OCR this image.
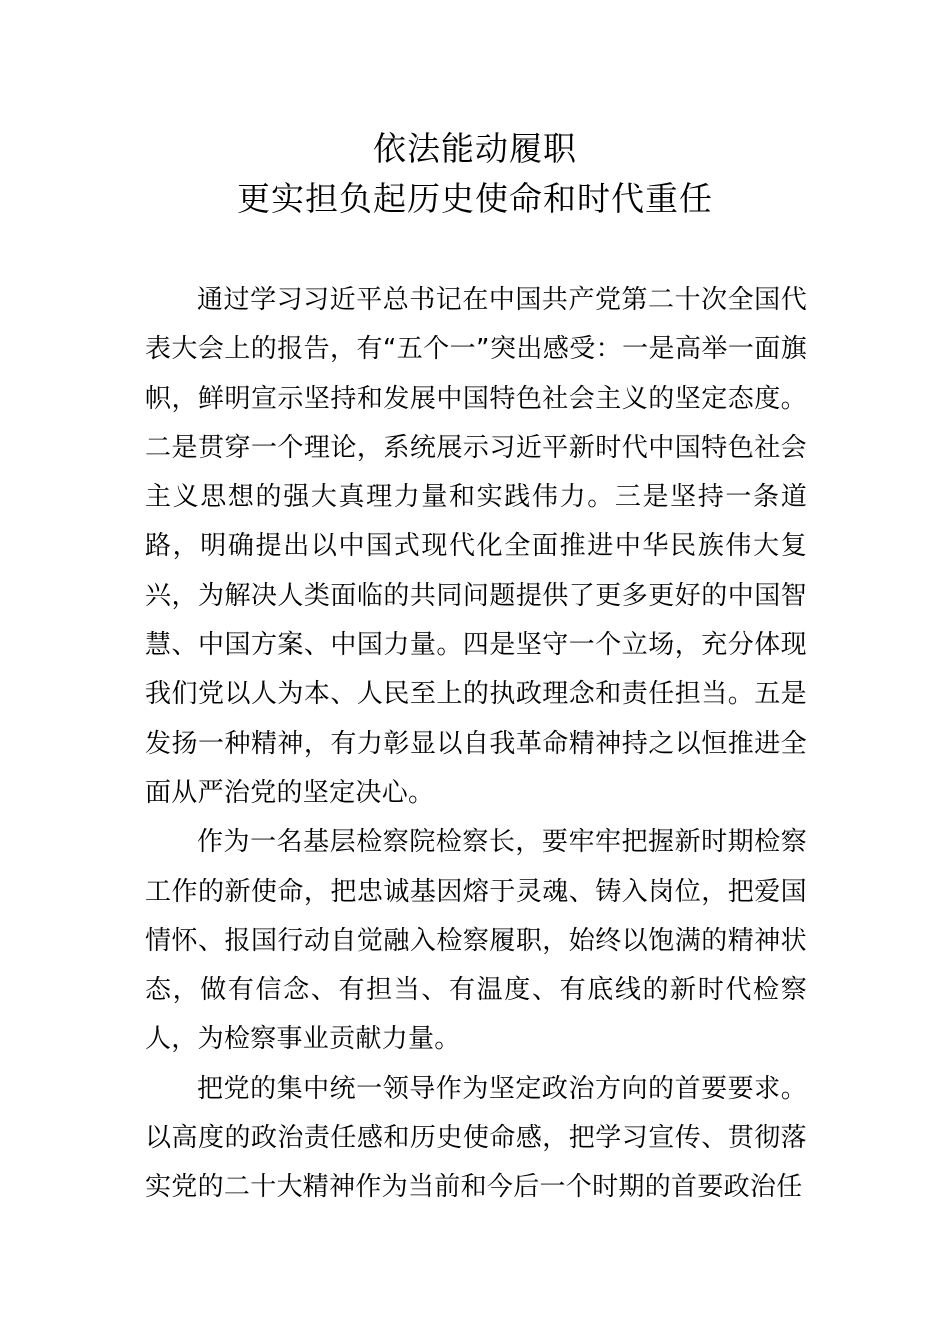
依法能动履职
更实担负起历史使命和时代重任

通过学习习近平总书记在中国共产党第二十次全国代表大会上的报告，有“五个一”突出感受：一是高举一面旗帜，鲜明宣示坚持和发展中国特色社会主义的坚定态度。二是贯穿一个理论，系统展示习近平新时代中国特色社会主义思想的强大真理力量和实践伟力。三是坚持一条道路，明确提出以中国式现代化全面推进中华民族伟大复兴，为解决人类面临的共同问题提供了更多更好的中国智慧、中国方案、中国力量。四是坚守一个立场，充分体现我们党以人为本、人民至上的执政理念和责任担当。五是发扬一种精神，有力彰显以自我革命精神持之以恒推进全面从严治党的坚定决心。

作为一名基层检察院检察长，要牢牢把握新时期检察工作的新使命，把忠诚基因熔于灵魂、铸入岗位，把爱国情怀、报国行动自觉融入检察履职，始终以饱满的精神状态，做有信念、有担当、有温度、有底线的新时代检察人，为检察事业贡献力量。

把党的集中统一领导作为坚定政治方向的首要要求。以高度的政治责任感和历史使命感，把学习宣传、贯彻落实党的二十大精神作为当前和今后一个时期的首要政治任
